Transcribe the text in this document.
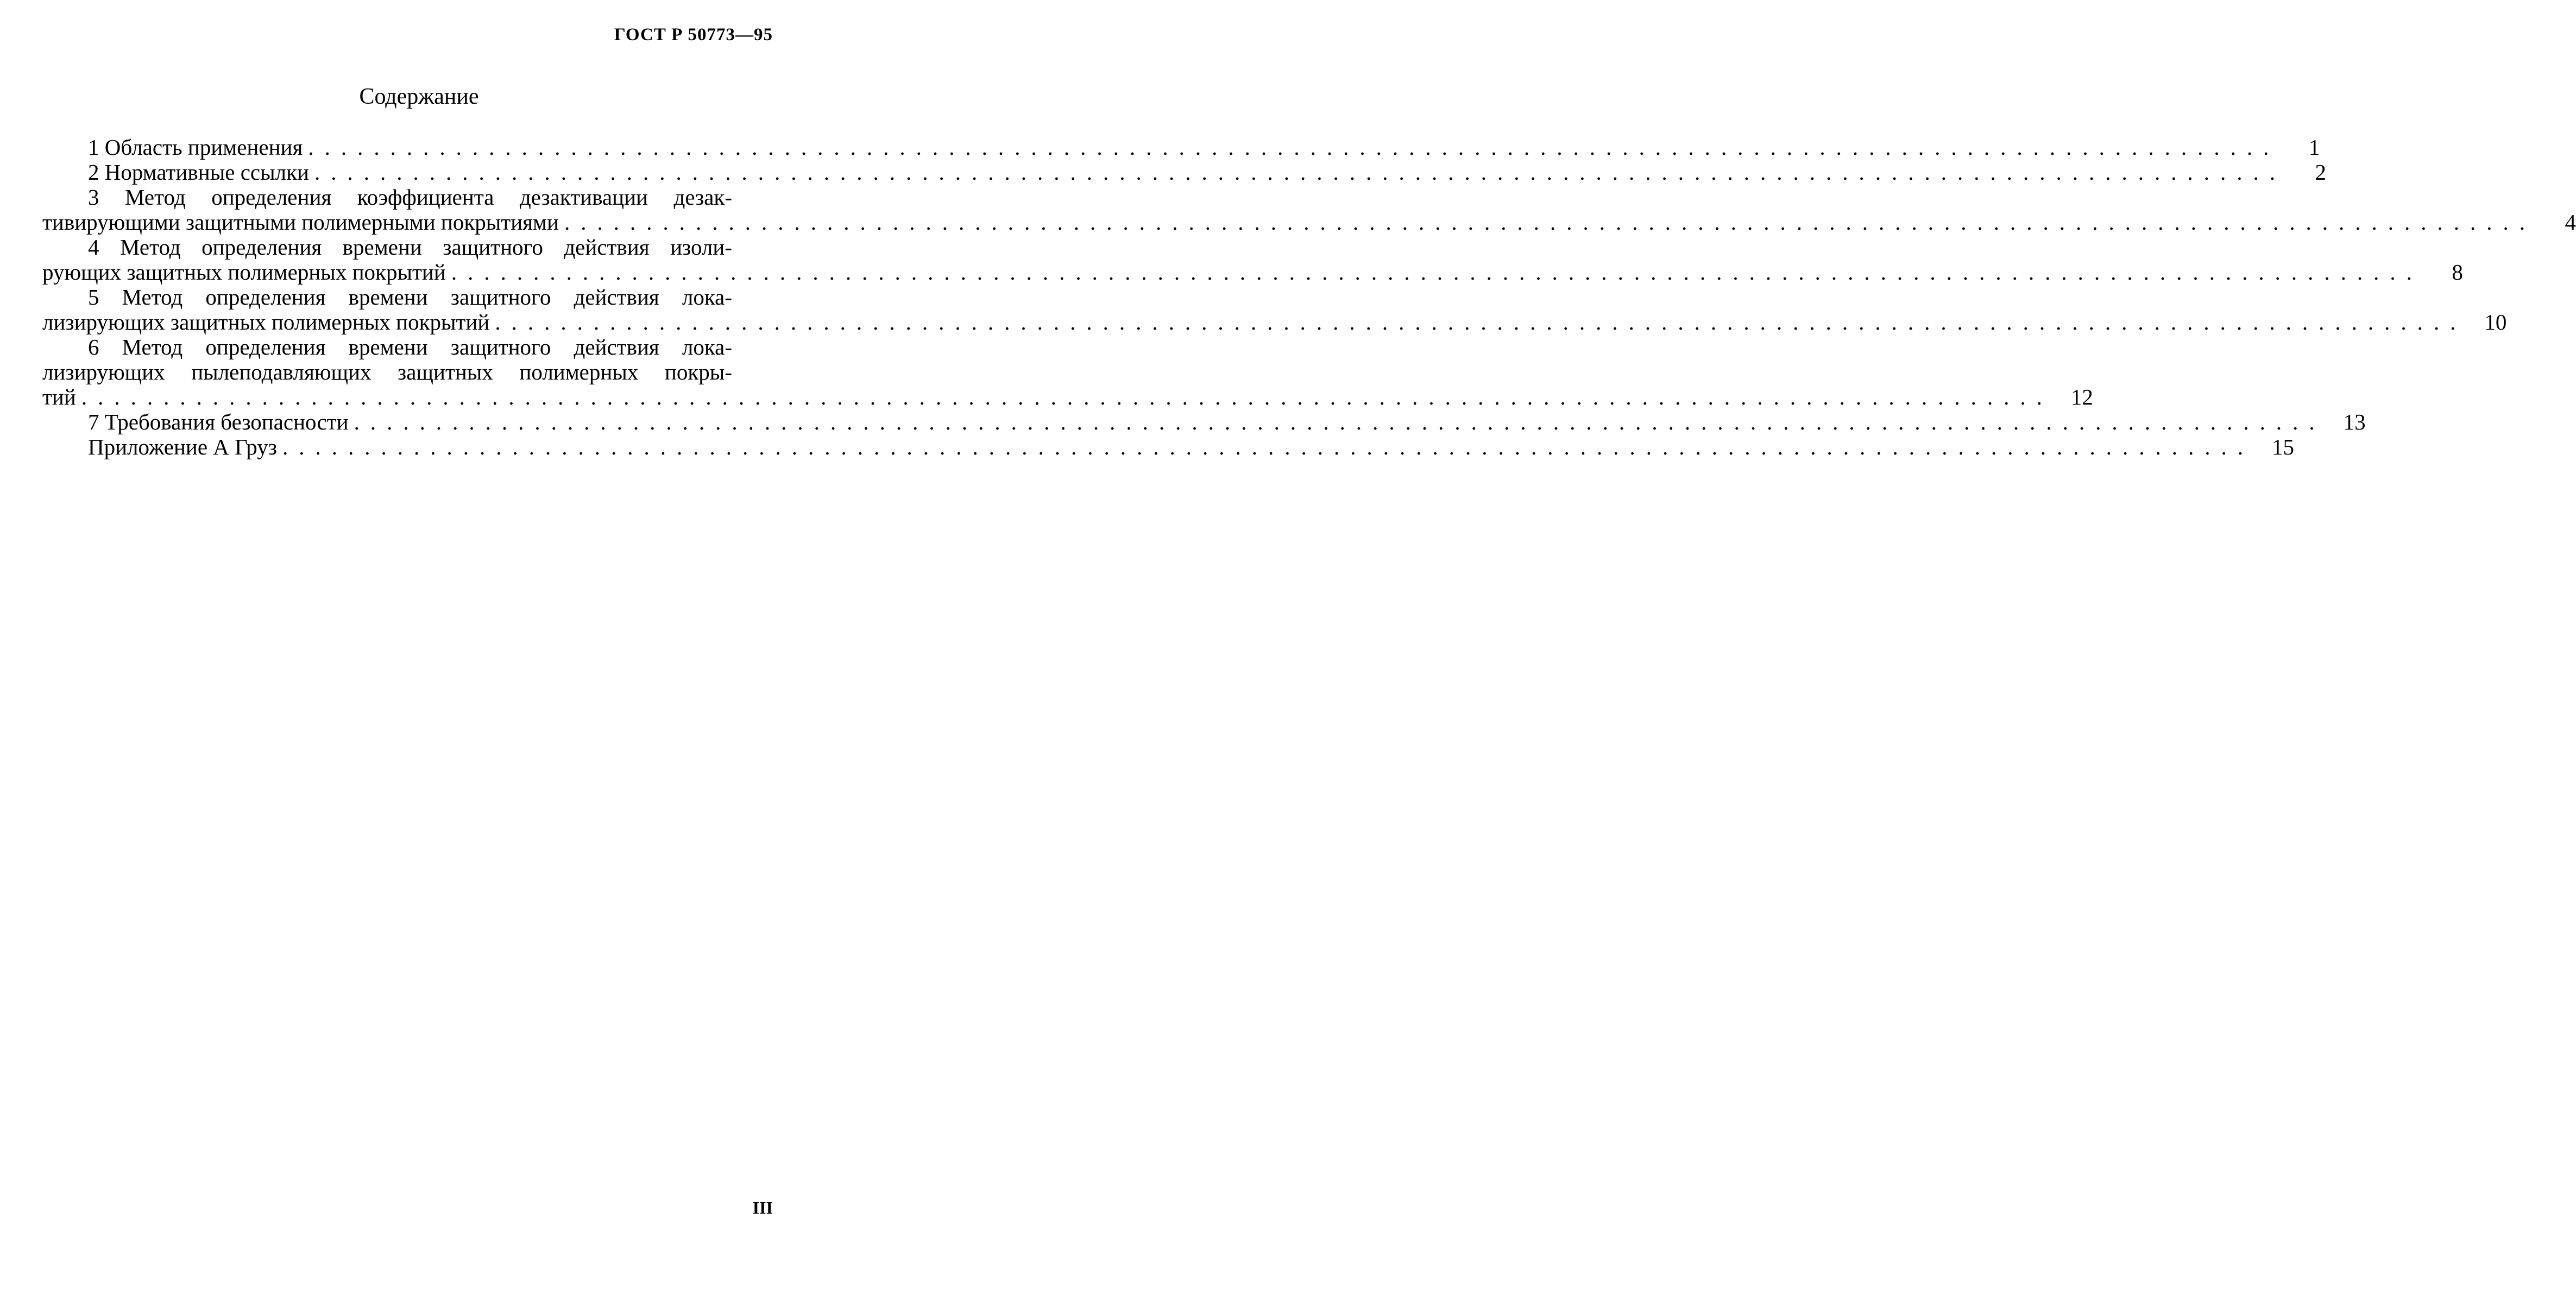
ГОСТ Р 50773—95
Содержание
1 Область применения ........................................................................................................................	1
2 Нормативные ссылки ........................................................................................................................	2
3 Метод определения коэффициента дезактивации дезак-
тивирующими защитными полимерными покрытиями ........................................................................................................................	4
4 Метод определения времени защитного действия изоли-
рующих защитных полимерных покрытий ........................................................................................................................	8
5 Метод определения времени защитного действия лока-
лизирующих защитных полимерных покрытий ........................................................................................................................ 10
6 Метод определения времени защитного действия лока-
лизирующих пылеподавляющих защитных полимерных покры-
тий ........................................................................................................................ 12
7 Требования безопасности ........................................................................................................................ 13
Приложение А Груз ........................................................................................................................ 15
III
